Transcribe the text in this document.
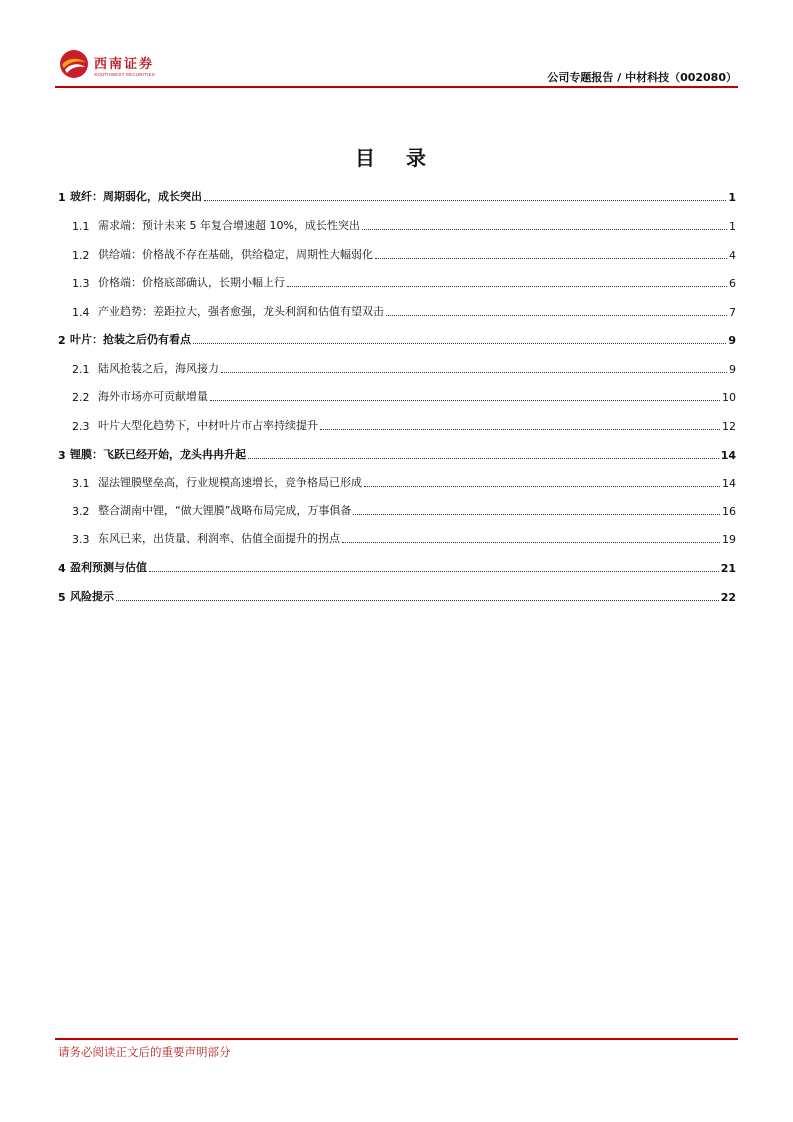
西南证券
SOUTHWEST SECURITIES	公司专题报告 / 中材科技（002080）
目 录
1 玻纤：周期弱化，成长突出	1
1.1 需求端：预计未来 5 年复合增速超 10%，成长性突出	1
1.2 供给端：价格战不存在基础，供给稳定，周期性大幅弱化	4
1.3 价格端：价格底部确认，长期小幅上行	6
1.4 产业趋势：差距拉大，强者愈强，龙头利润和估值有望双击	7
2 叶片：抢装之后仍有看点	9
2.1 陆风抢装之后，海风接力	9
2.2 海外市场亦可贡献增量	10
2.3 叶片大型化趋势下，中材叶片市占率持续提升	12
3 锂膜：飞跃已经开始，龙头冉冉升起	14
3.1 湿法锂膜壁垒高，行业规模高速增长，竞争格局已形成	14
3.2 整合湖南中锂，“做大锂膜”战略布局完成，万事俱备	16
3.3 东风已来，出货量、利润率、估值全面提升的拐点	19
4 盈利预测与估值	21
5 风险提示	22
请务必阅读正文后的重要声明部分
